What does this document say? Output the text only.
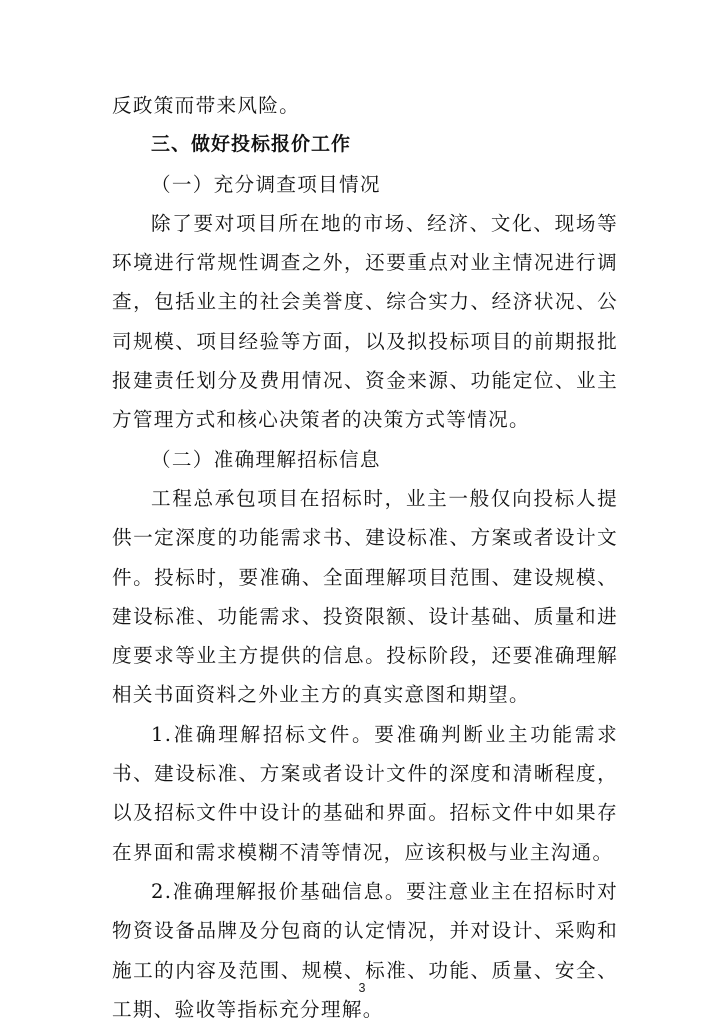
反政策而带来风险。

三、做好投标报价工作

（一）充分调查项目情况

除了要对项目所在地的市场、经济、文化、现场等环境进行常规性调查之外，还要重点对业主情况进行调查，包括业主的社会美誉度、综合实力、经济状况、公司规模、项目经验等方面，以及拟投标项目的前期报批报建责任划分及费用情况、资金来源、功能定位、业主方管理方式和核心决策者的决策方式等情况。

（二）准确理解招标信息

工程总承包项目在招标时，业主一般仅向投标人提供一定深度的功能需求书、建设标准、方案或者设计文件。投标时，要准确、全面理解项目范围、建设规模、建设标准、功能需求、投资限额、设计基础、质量和进度要求等业主方提供的信息。投标阶段，还要准确理解相关书面资料之外业主方的真实意图和期望。

1.准确理解招标文件。要准确判断业主功能需求书、建设标准、方案或者设计文件的深度和清晰程度，以及招标文件中设计的基础和界面。招标文件中如果存在界面和需求模糊不清等情况，应该积极与业主沟通。

2.准确理解报价基础信息。要注意业主在招标时对物资设备品牌及分包商的认定情况，并对设计、采购和施工的内容及范围、规模、标准、功能、质量、安全、工期、验收等指标充分理解。

3
